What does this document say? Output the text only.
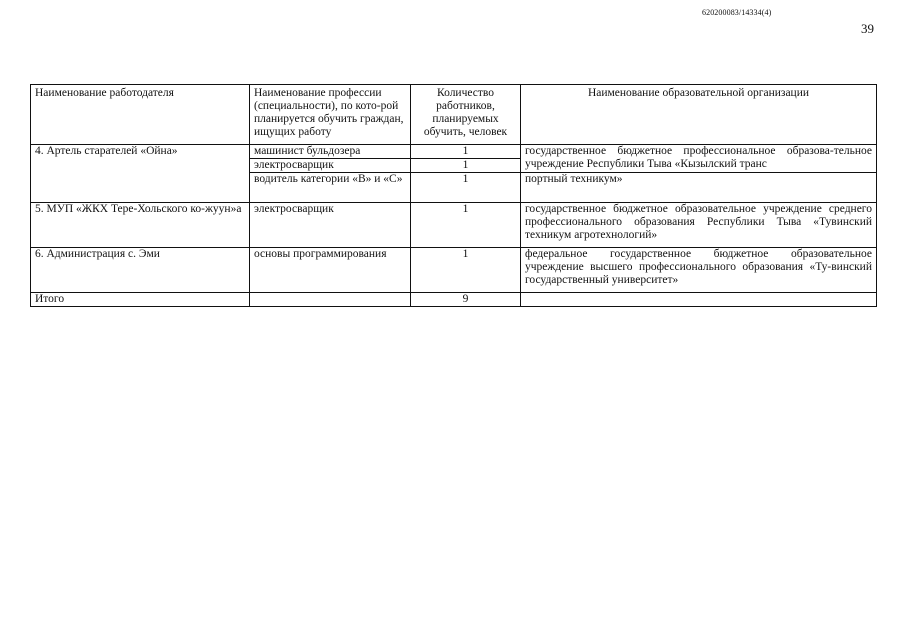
620200083/14334(4)
39
Наименование работодателя	Наименование профессии (специальности), по кото-рой планируется обучить граждан, ищущих работу	Количество работников, планируемых обучить, человек	Наименование образовательной организации
4. Артель старателей «Ойна»	машинист бульдозера	1	государственное бюджетное профессиональное образова-тельное учреждение Республики Тыва «Кызылский транс
	электросварщик	1	
	водитель категории «В» и «С»	1	портный техникум»
5. МУП «ЖКХ Тере-Хольского ко-жуун»а	электросварщик	1	государственное бюджетное образовательное учреждение среднего профессионального образования Республики Тыва «Тувинский техникум агротехнологий»
6. Администрация с. Эми	основы программирования	1	федеральное государственное бюджетное образовательное учреждение высшего профессионального образования «Ту-винский государственный университет»
Итого		9	
